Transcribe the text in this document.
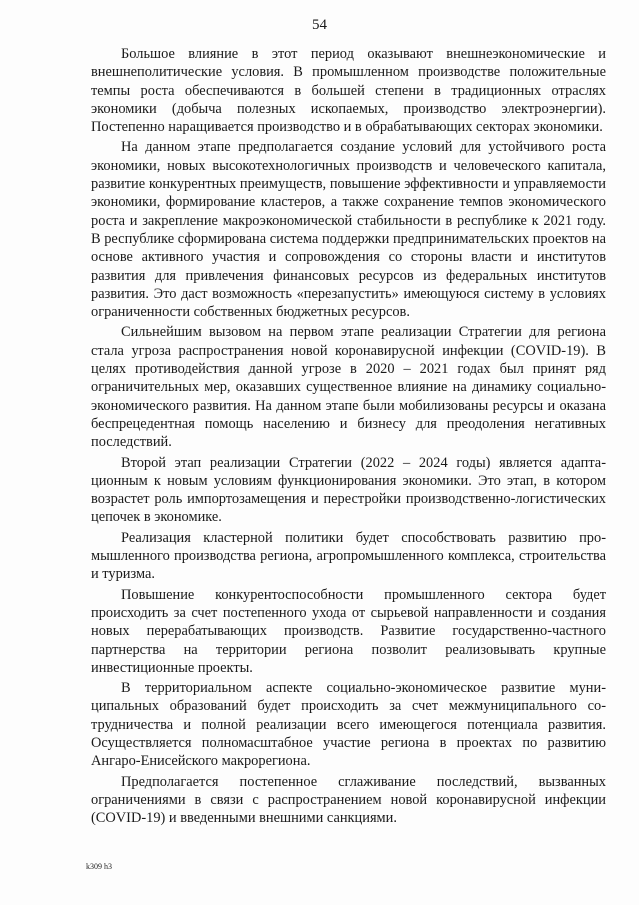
54

Большое влияние в этот период оказывают внешнеэкономические и внешнеполитические условия. В промышленном производстве положительные темпы роста обеспечиваются в большей степени в традиционных отраслях экономики (добыча полезных ископаемых, производство электроэнергии). Постепенно наращивается производство и в обрабатывающих секторах экономики.

На данном этапе предполагается создание условий для устойчивого роста экономики, новых высокотехнологичных производств и человеческого капитала, развитие конкурентных преимуществ, повышение эффективности и управляемости экономики, формирование кластеров, а также сохранение темпов экономического роста и закрепление макроэкономической стабильности в республике к 2021 году. В республике сформирована система поддержки предпринимательских проектов на основе активного участия и сопровождения со стороны власти и институтов развития для привлечения финансовых ресурсов из федеральных институтов развития. Это даст возможность «перезапустить» имеющуюся систему в условиях ограниченности собственных бюджетных ресурсов.

Сильнейшим вызовом на первом этапе реализации Стратегии для региона стала угроза распространения новой коронавирусной инфекции (COVID-19). В целях противодействия данной угрозе в 2020 – 2021 годах был принят ряд ограничительных мер, оказавших существенное влияние на динамику социально-экономического развития. На данном этапе были мобилизованы ресурсы и оказана беспрецедентная помощь населению и бизнесу для преодоления негативных последствий.

Второй этап реализации Стратегии (2022 – 2024 годы) является адаптационным к новым условиям функционирования экономики. Это этап, в котором возрастет роль импортозамещения и перестройки производственно-логистических цепочек в экономике.

Реализация кластерной политики будет способствовать развитию промышленного производства региона, агропромышленного комплекса, строительства и туризма.

Повышение конкурентоспособности промышленного сектора будет происходить за счет постепенного ухода от сырьевой направленности и создания новых перерабатывающих производств. Развитие государственно-частного партнерства на территории региона позволит реализовывать крупные инвестиционные проекты.

В территориальном аспекте социально-экономическое развитие муниципальных образований будет происходить за счет межмуниципального сотрудничества и полной реализации всего имеющегося потенциала развития. Осуществляется полномасштабное участие региона в проектах по развитию Ангаро-Енисейского макрорегиона.

Предполагается постепенное сглаживание последствий, вызванных ограничениями в связи с распространением новой коронавирусной инфекции (COVID-19) и введенными внешними санкциями.

k309 h3
